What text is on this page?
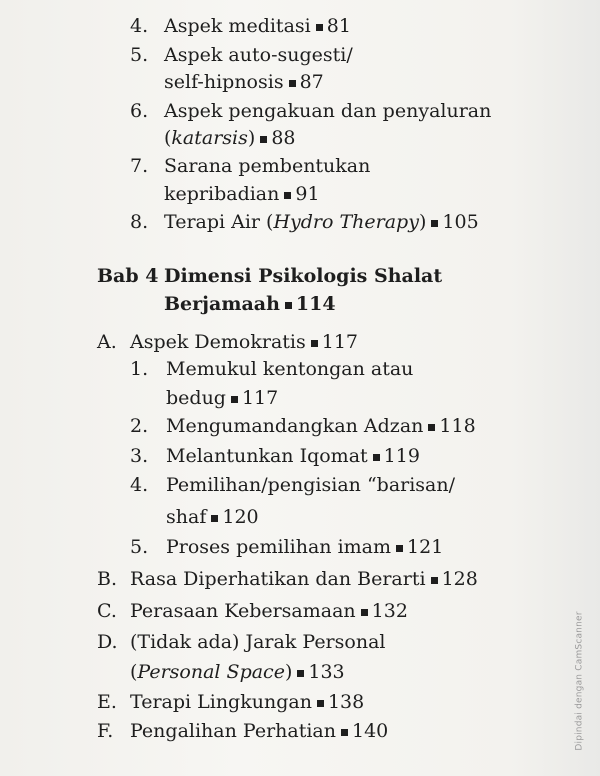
4. Aspek meditasi 81
5. Aspek auto-sugesti/
self-hipnosis 87
6. Aspek pengakuan dan penyaluran
(katarsis) 88
7. Sarana pembentukan
kepribadian 91
8. Terapi Air (Hydro Therapy) 105
Bab 4 Dimensi Psikologis Shalat
Berjamaah 114
A. Aspek Demokratis 117
1. Memukul kentongan atau
bedug 117
2. Mengumandangkan Adzan 118
3. Melantunkan Iqomat 119
4. Pemilihan/pengisian “barisan/
shaf 120
5. Proses pemilihan imam 121
B. Rasa Diperhatikan dan Berarti 128
C. Perasaan Kebersamaan 132
D. (Tidak ada) Jarak Personal
(Personal Space) 133
E. Terapi Lingkungan 138
F. Pengalihan Perhatian 140	Dipindai dengan CamScanner
